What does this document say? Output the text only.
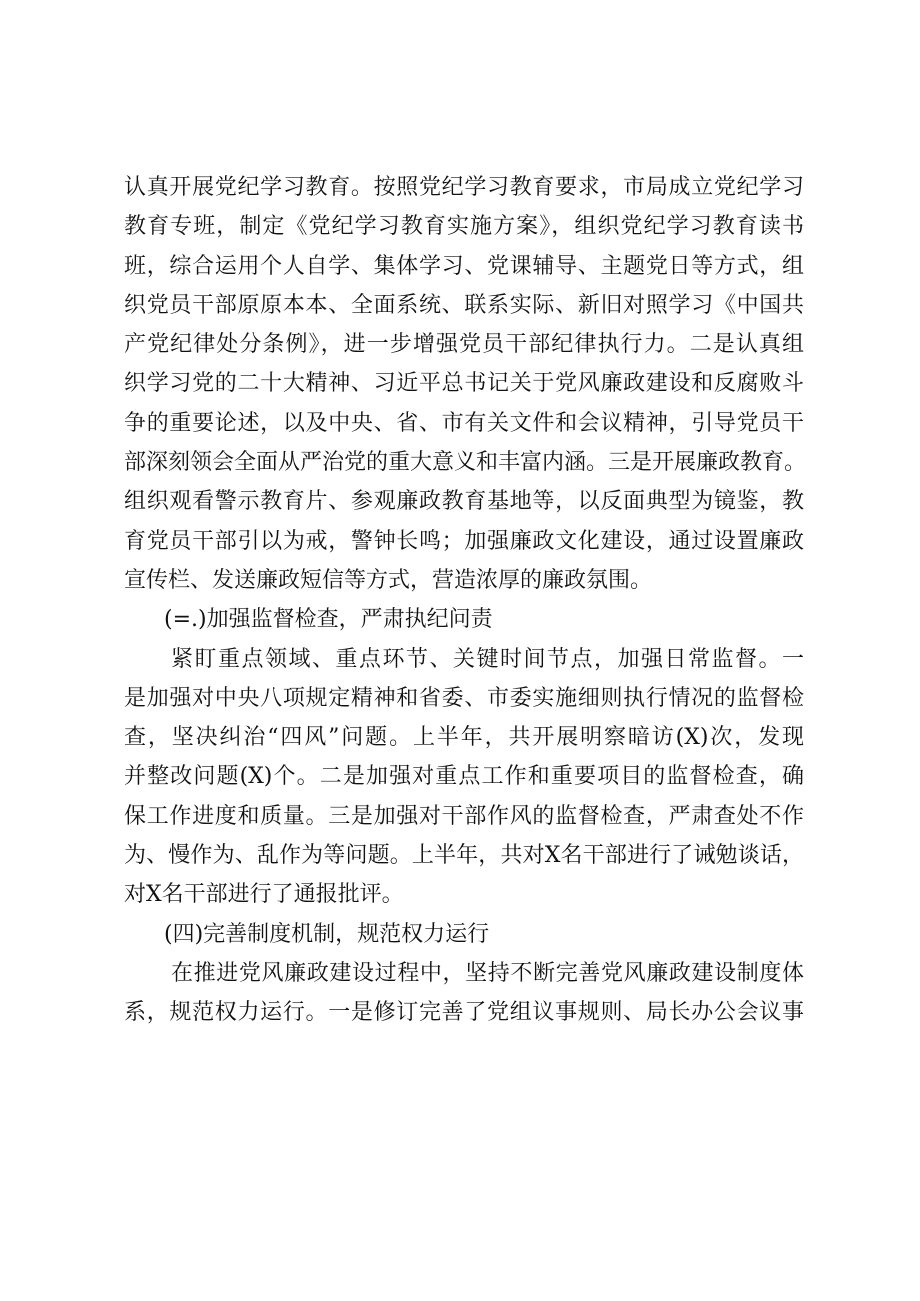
认真开展党纪学习教育。按照党纪学习教育要求，市局成立党纪学习
教育专班，制定《党纪学习教育实施方案》，组织党纪学习教育读书
班，综合运用个人自学、集体学习、党课辅导、主题党日等方式，组
织党员干部原原本本、全面系统、联系实际、新旧对照学习《中国共
产党纪律处分条例》，进一步增强党员干部纪律执行力。二是认真组
织学习党的二十大精神、习近平总书记关于党风廉政建设和反腐败斗
争的重要论述，以及中央、省、市有关文件和会议精神，引导党员干
部深刻领会全面从严治党的重大意义和丰富内涵。三是开展廉政教育。
组织观看警示教育片、参观廉政教育基地等，以反面典型为镜鉴，教
育党员干部引以为戒，警钟长鸣；加强廉政文化建设，通过设置廉政
宣传栏、发送廉政短信等方式，营造浓厚的廉政氛围。
(=.)加强监督检查，严肃执纪问责
紧盯重点领域、重点环节、关键时间节点，加强日常监督。一
是加强对中央八项规定精神和省委、市委实施细则执行情况的监督检
查，坚决纠治“四风”问题。上半年，共开展明察暗访(X)次，发现
并整改问题(X)个。二是加强对重点工作和重要项目的监督检查，确
保工作进度和质量。三是加强对干部作风的监督检查，严肃查处不作
为、慢作为、乱作为等问题。上半年，共对X名干部进行了诫勉谈话，
对X名干部进行了通报批评。
(四)完善制度机制，规范权力运行
在推进党风廉政建设过程中，坚持不断完善党风廉政建设制度体
系，规范权力运行。一是修订完善了党组议事规则、局长办公会议事
